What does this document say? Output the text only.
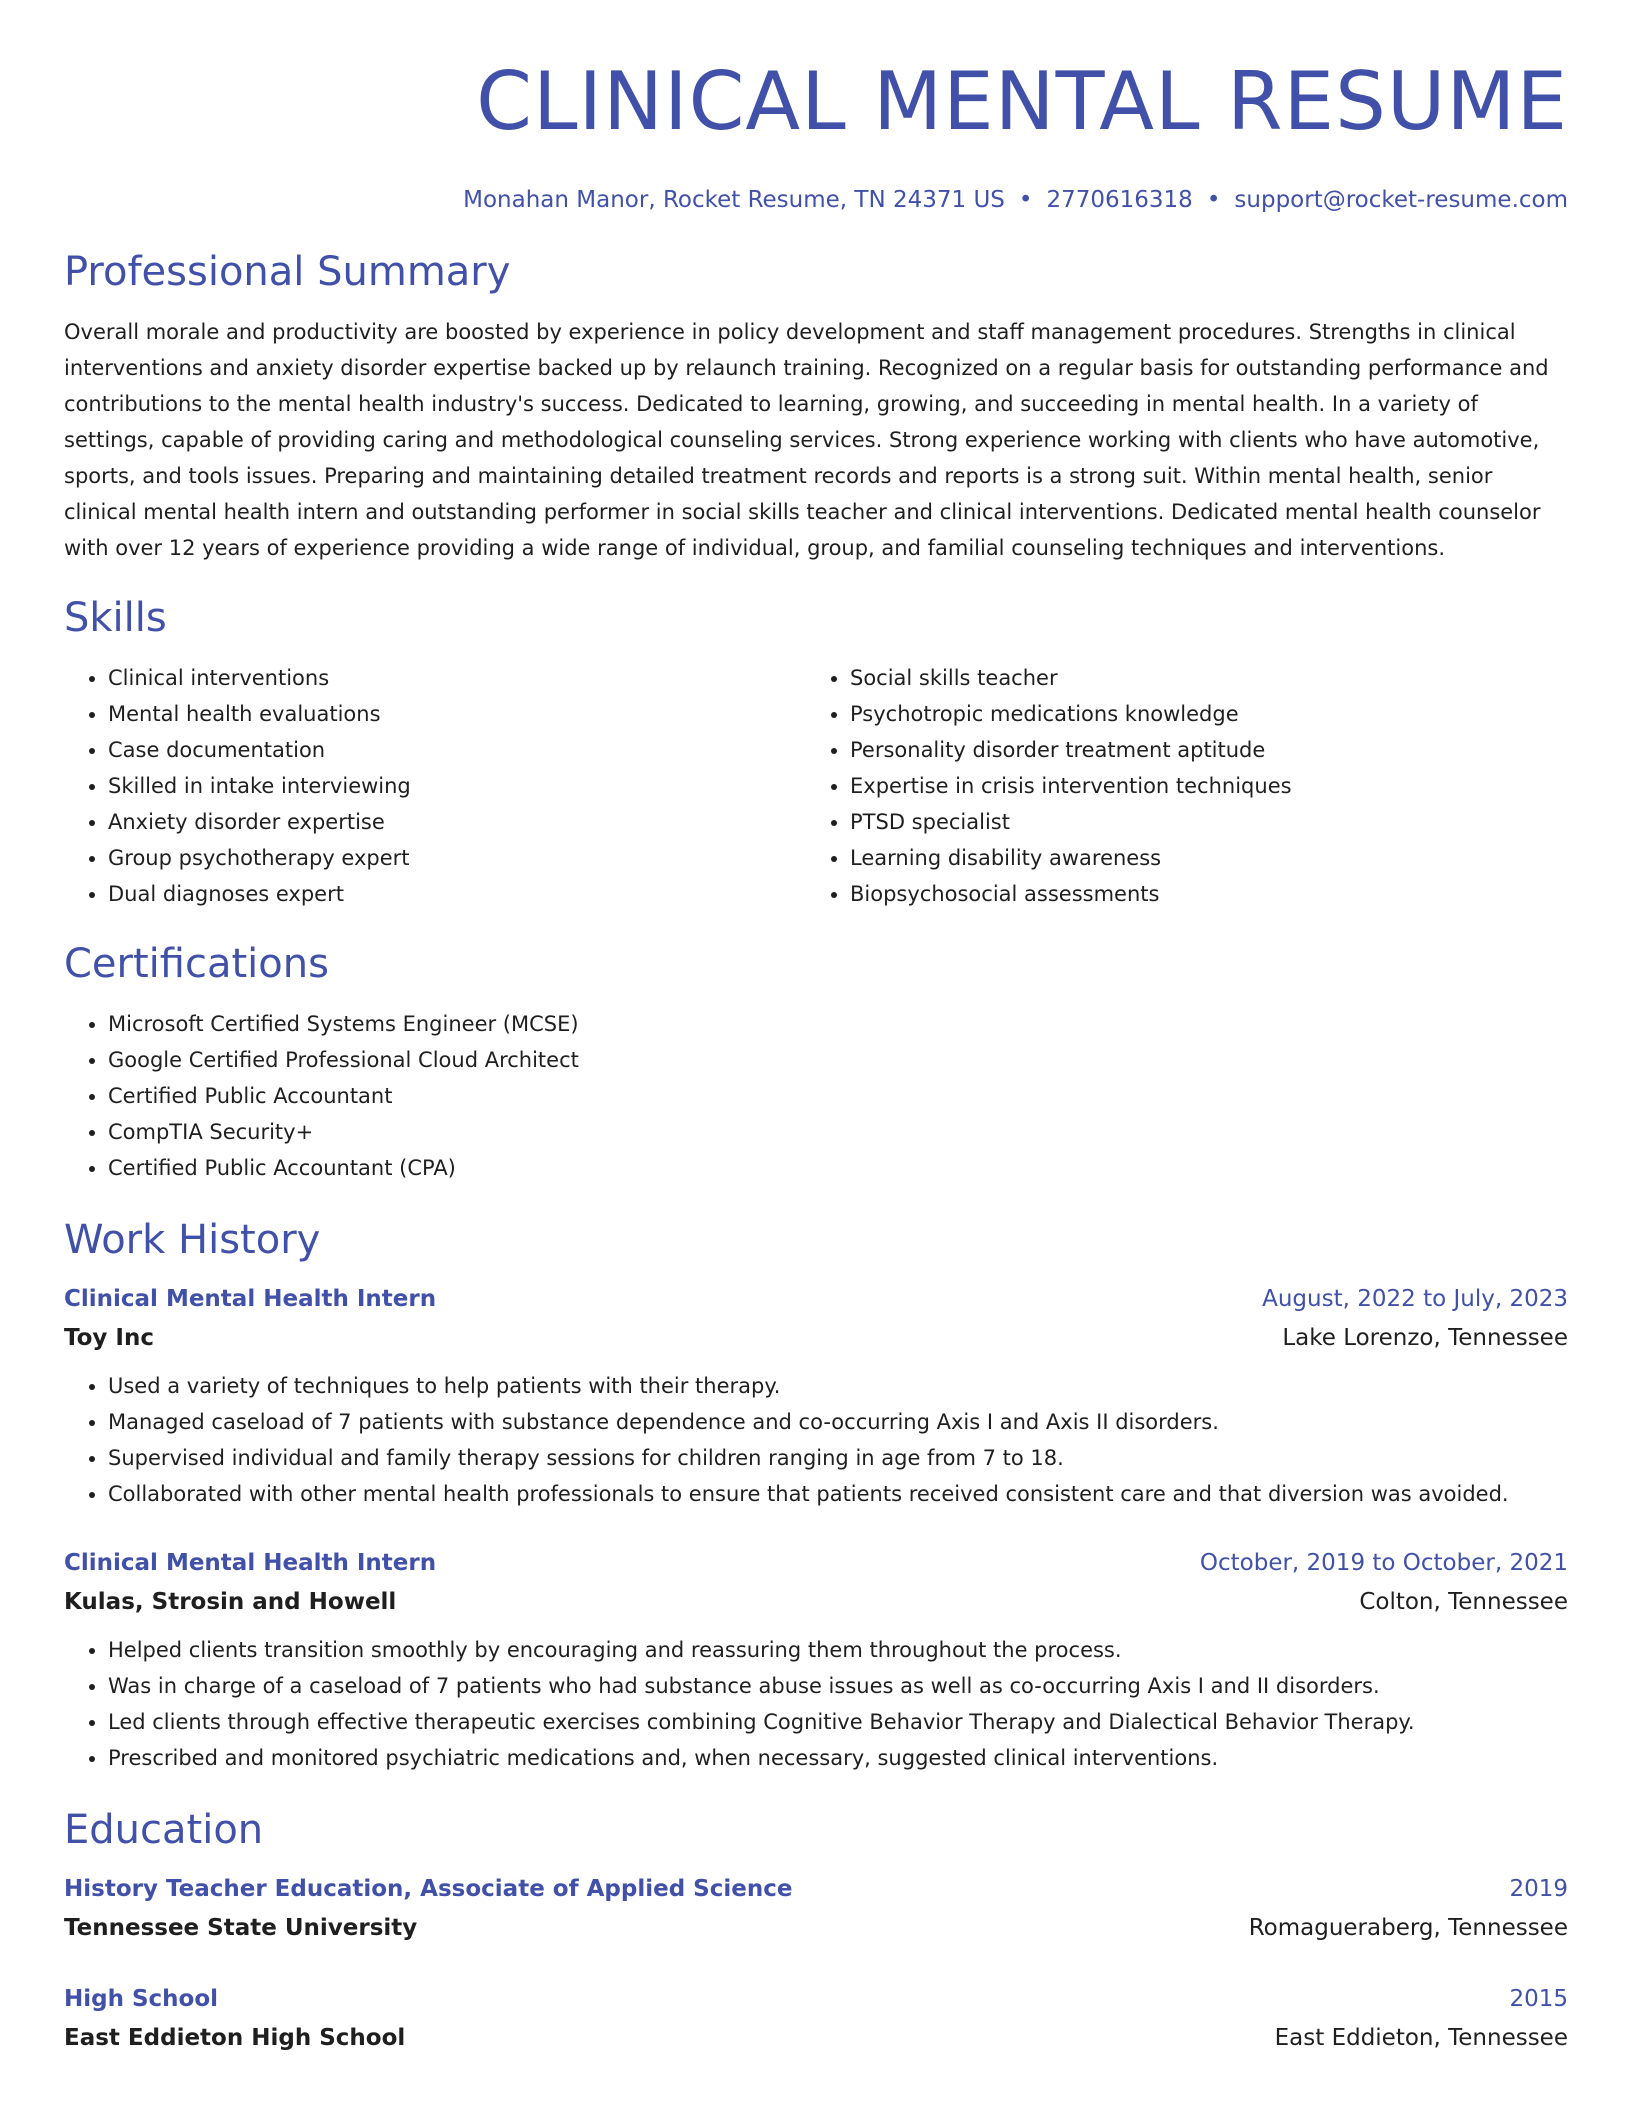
CLINICAL MENTAL RESUME
Monahan Manor, Rocket Resume, TN 24371 US • 2770616318 • support@rocket-resume.com
Professional Summary
Overall morale and productivity are boosted by experience in policy development and staff management procedures. Strengths in clinical interventions and anxiety disorder expertise backed up by relaunch training. Recognized on a regular basis for outstanding performance and contributions to the mental health industry's success. Dedicated to learning, growing, and succeeding in mental health. In a variety of settings, capable of providing caring and methodological counseling services. Strong experience working with clients who have automotive, sports, and tools issues. Preparing and maintaining detailed treatment records and reports is a strong suit. Within mental health, senior clinical mental health intern and outstanding performer in social skills teacher and clinical interventions. Dedicated mental health counselor with over 12 years of experience providing a wide range of individual, group, and familial counseling techniques and interventions.
Skills
• Clinical interventions
• Mental health evaluations
• Case documentation
• Skilled in intake interviewing
• Anxiety disorder expertise
• Group psychotherapy expert
• Dual diagnoses expert
• Social skills teacher
• Psychotropic medications knowledge
• Personality disorder treatment aptitude
• Expertise in crisis intervention techniques
• PTSD specialist
• Learning disability awareness
• Biopsychosocial assessments
Certifications
• Microsoft Certified Systems Engineer (MCSE)
• Google Certified Professional Cloud Architect
• Certified Public Accountant
• CompTIA Security+
• Certified Public Accountant (CPA)
Work History
Clinical Mental Health Intern	August, 2022 to July, 2023
Toy Inc	Lake Lorenzo, Tennessee
• Used a variety of techniques to help patients with their therapy.
• Managed caseload of 7 patients with substance dependence and co-occurring Axis I and Axis II disorders.
• Supervised individual and family therapy sessions for children ranging in age from 7 to 18.
• Collaborated with other mental health professionals to ensure that patients received consistent care and that diversion was avoided.
Clinical Mental Health Intern	October, 2019 to October, 2021
Kulas, Strosin and Howell	Colton, Tennessee
• Helped clients transition smoothly by encouraging and reassuring them throughout the process.
• Was in charge of a caseload of 7 patients who had substance abuse issues as well as co-occurring Axis I and II disorders.
• Led clients through effective therapeutic exercises combining Cognitive Behavior Therapy and Dialectical Behavior Therapy.
• Prescribed and monitored psychiatric medications and, when necessary, suggested clinical interventions.
Education
History Teacher Education, Associate of Applied Science	2019
Tennessee State University	Romagueraberg, Tennessee
High School	2015
East Eddieton High School	East Eddieton, Tennessee
